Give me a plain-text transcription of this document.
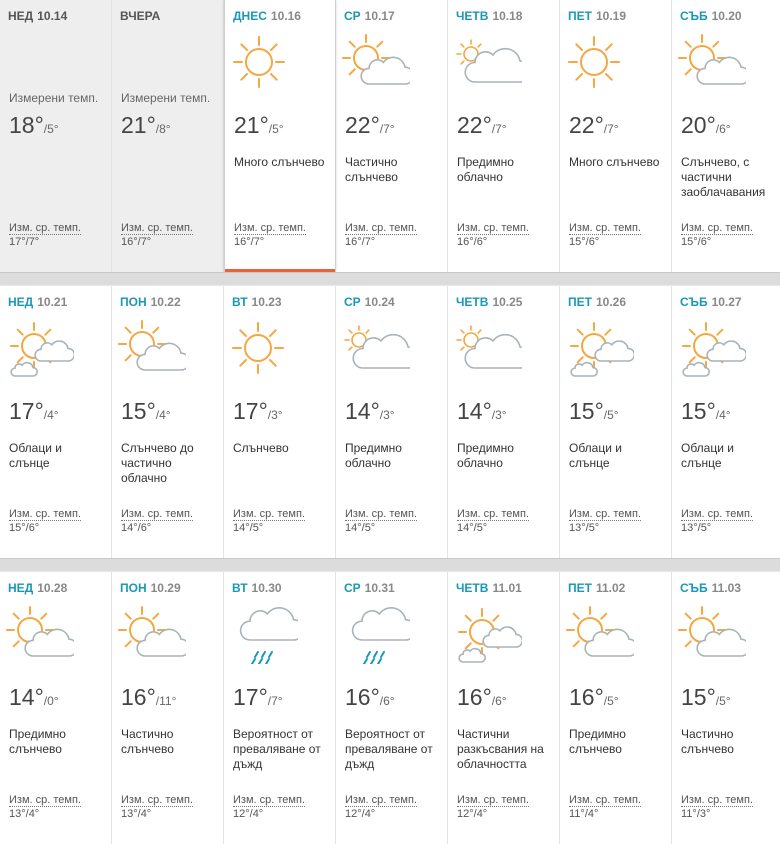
НЕД 10.14
Измерени темп.
18°/5°
Изм. ср. темп.
17°/7°
ВЧЕРА
Измерени темп.
21°/8°
Изм. ср. темп.
16°/7°
ДНЕС 10.16
21°/5°
Много слънчево
Изм. ср. темп.
16°/7°
СР 10.17
22°/7°
Частично слънчево
Изм. ср. темп.
16°/7°
ЧЕТВ 10.18
22°/7°
Предимно облачно
Изм. ср. темп.
16°/6°
ПЕТ 10.19
22°/7°
Много слънчево
Изм. ср. темп.
15°/6°
СЪБ 10.20
20°/6°
Слънчево, с частични заоблачавания
Изм. ср. темп.
15°/6°
НЕД 10.21
17°/4°
Облаци и слънце
Изм. ср. темп.
15°/6°
ПОН 10.22
15°/4°
Слънчево до частично облачно
Изм. ср. темп.
14°/6°
ВТ 10.23
17°/3°
Слънчево
Изм. ср. темп.
14°/5°
СР 10.24
14°/3°
Предимно облачно
Изм. ср. темп.
14°/5°
ЧЕТВ 10.25
14°/3°
Предимно облачно
Изм. ср. темп.
14°/5°
ПЕТ 10.26
15°/5°
Облаци и слънце
Изм. ср. темп.
13°/5°
СЪБ 10.27
15°/4°
Облаци и слънце
Изм. ср. темп.
13°/5°
НЕД 10.28
14°/0°
Предимно слънчево
Изм. ср. темп.
13°/4°
ПОН 10.29
16°/11°
Частично слънчево
Изм. ср. темп.
13°/4°
ВТ 10.30
17°/7°
Вероятност от преваляване от дъжд
Изм. ср. темп.
12°/4°
СР 10.31
16°/6°
Вероятност от преваляване от дъжд
Изм. ср. темп.
12°/4°
ЧЕТВ 11.01
16°/6°
Частични разкъсвания на облачността
Изм. ср. темп.
12°/4°
ПЕТ 11.02
16°/5°
Предимно слънчево
Изм. ср. темп.
11°/4°
СЪБ 11.03
15°/5°
Частично слънчево
Изм. ср. темп.
11°/3°
